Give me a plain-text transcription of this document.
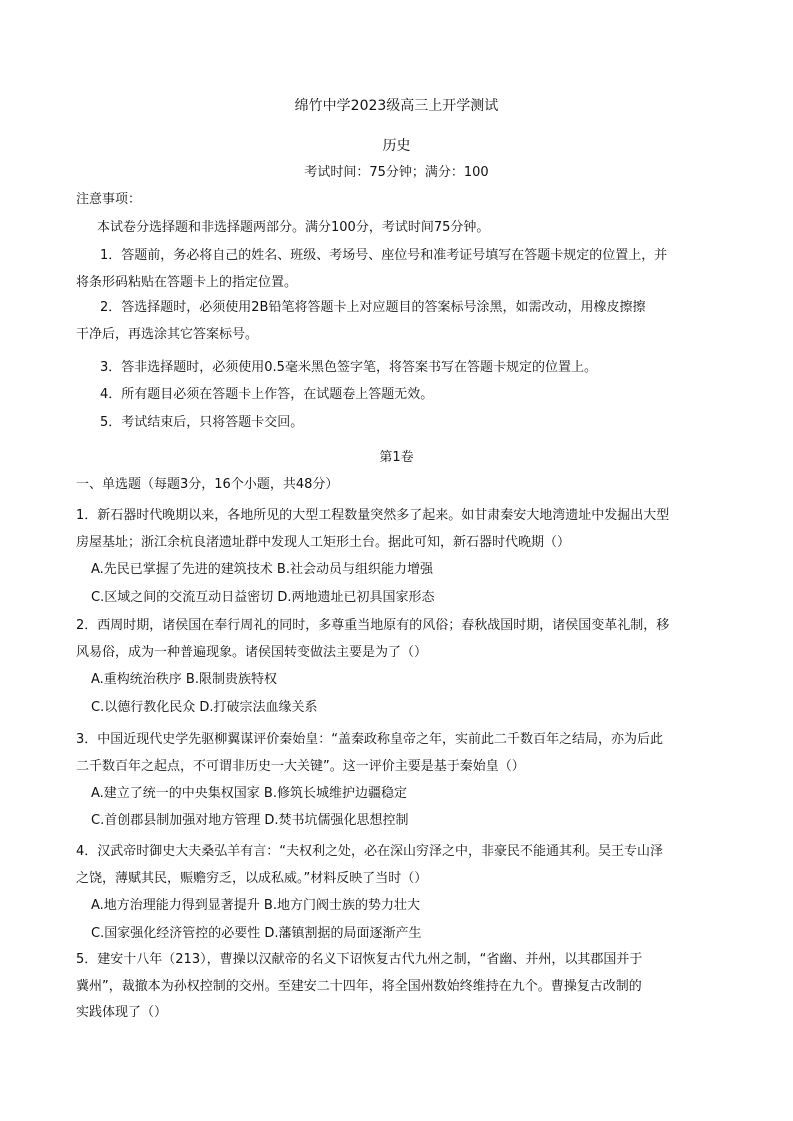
绵竹中学2023级高三上开学测试
历史
考试时间：75分钟；满分：100
注意事项：
本试卷分选择题和非选择题两部分。满分100分，考试时间75分钟。
1．答题前，务必将自己的姓名、班级、考场号、座位号和准考证号填写在答题卡规定的位置上，并
将条形码粘贴在答题卡上的指定位置。
2．答选择题时，必须使用2B铅笔将答题卡上对应题目的答案标号涂黑，如需改动，用橡皮擦擦
干净后，再选涂其它答案标号。
3．答非选择题时，必须使用0.5毫米黑色签字笔，将答案书写在答题卡规定的位置上。
4．所有题目必须在答题卡上作答，在试题卷上答题无效。
5．考试结束后，只将答题卡交回。
第1卷
一、单选题（每题3分，16个小题，共48分）
1．新石器时代晚期以来，各地所见的大型工程数量突然多了起来。如甘肃秦安大地湾遗址中发掘出大型
房屋基址；浙江余杭良渚遗址群中发现人工矩形土台。据此可知，新石器时代晚期（）
A.先民已掌握了先进的建筑技术 B.社会动员与组织能力增强
C.区域之间的交流互动日益密切 D.两地遗址已初具国家形态
2．西周时期，诸侯国在奉行周礼的同时，多尊重当地原有的风俗；春秋战国时期，诸侯国变革礼制，移
风易俗，成为一种普遍现象。诸侯国转变做法主要是为了（）
A.重构统治秩序 B.限制贵族特权
C.以德行教化民众 D.打破宗法血缘关系
3．中国近现代史学先驱柳翼谋评价秦始皇：“盖秦政称皇帝之年，实前此二千数百年之结局，亦为后此
二千数百年之起点，不可谓非历史一大关键”。这一评价主要是基于秦始皇（）
A.建立了统一的中央集权国家 B.修筑长城维护边疆稳定
C.首创郡县制加强对地方管理 D.焚书坑儒强化思想控制
4．汉武帝时御史大夫桑弘羊有言：“夫权利之处，必在深山穷泽之中，非豪民不能通其利。吴王专山泽
之饶，薄赋其民，赈赡穷乏，以成私威。”材料反映了当时（）
A.地方治理能力得到显著提升 B.地方门阀士族的势力壮大
C.国家强化经济管控的必要性 D.藩镇割据的局面逐渐产生
5．建安十八年（213），曹操以汉献帝的名义下诏恢复古代九州之制，“省幽、并州，以其郡国并于
冀州”，裁撤本为孙权控制的交州。至建安二十四年，将全国州数始终维持在九个。曹操复古改制的
实践体现了（）
